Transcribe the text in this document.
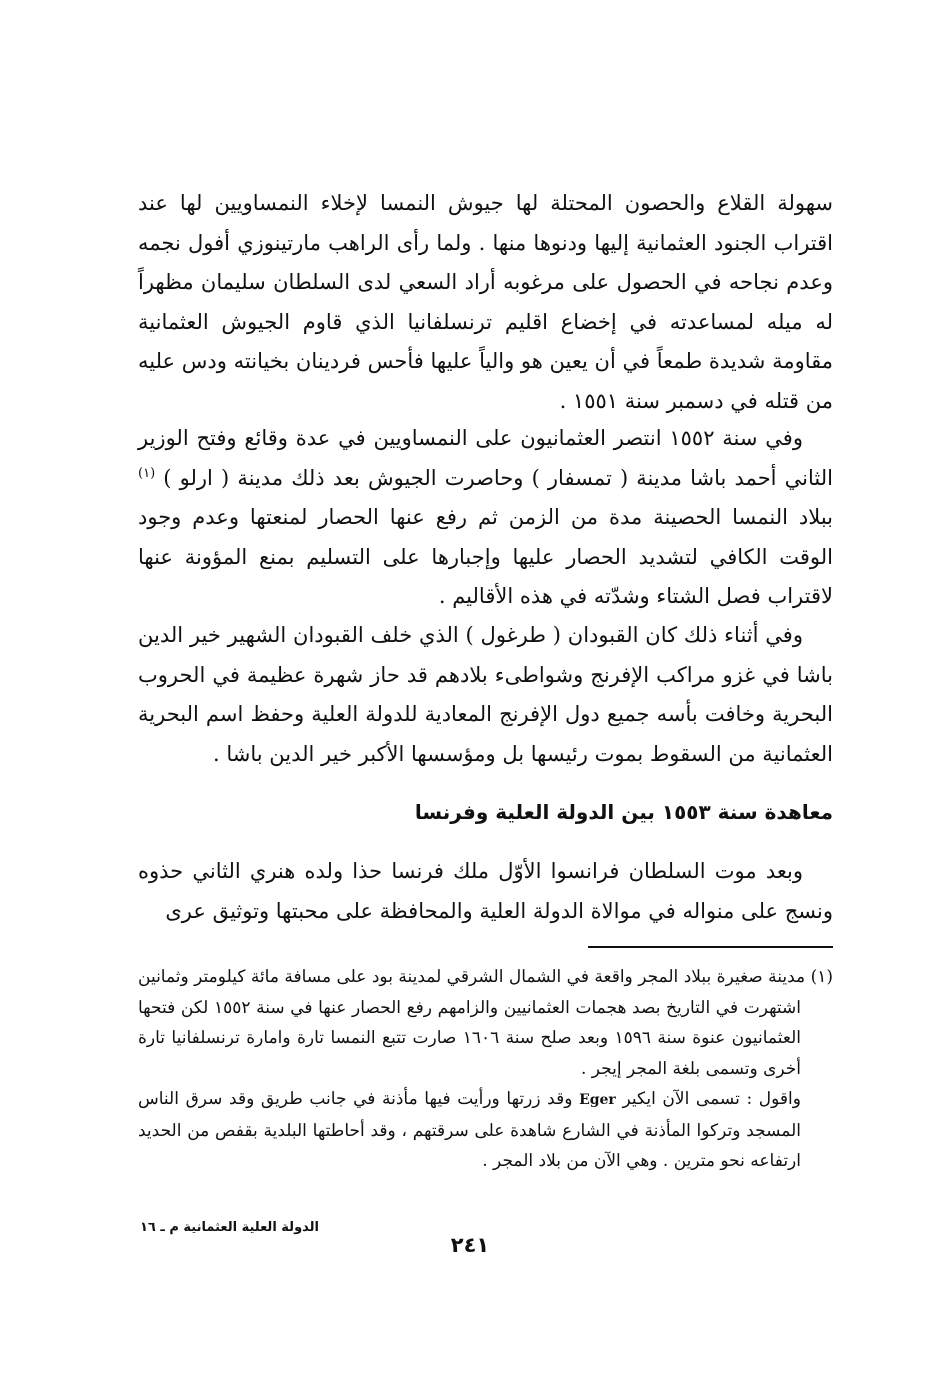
سهولة القلاع والحصون المحتلة لها جيوش النمسا لإخلاء النمساويين لها عند اقتراب الجنود العثمانية إليها ودنوها منها . ولما رأى الراهب مارتينوزي أفول نجمه وعدم نجاحه في الحصول على مرغوبه أراد السعي لدى السلطان سليمان مظهراً له ميله لمساعدته في إخضاع اقليم ترنسلفانيا الذي قاوم الجيوش العثمانية مقاومة شديدة طمعاً في أن يعين هو والياً عليها فأحس فردينان بخيانته ودس عليه من قتله في دسمبر سنة ١٥٥١ .

وفي سنة ١٥٥٢ انتصر العثمانيون على النمساويين في عدة وقائع وفتح الوزير الثاني أحمد باشا مدينة ( تمسفار ) وحاصرت الجيوش بعد ذلك مدينة ( ارلو ) $^{(١)}$ ببلاد النمسا الحصينة مدة من الزمن ثم رفع عنها الحصار لمنعتها وعدم وجود الوقت الكافي لتشديد الحصار عليها وإجبارها على التسليم بمنع المؤونة عنها لاقتراب فصل الشتاء وشدّته في هذه الأقاليم .

وفي أثناء ذلك كان القبودان ( طرغول ) الذي خلف القبودان الشهير خير الدين باشا في غزو مراكب الإفرنج وشواطىء بلادهم قد حاز شهرة عظيمة في الحروب البحرية وخافت بأسه جميع دول الإفرنج المعادية للدولة العلية وحفظ اسم البحرية العثمانية من السقوط بموت رئيسها بل ومؤسسها الأكبر خير الدين باشا .

معاهدة سنة ١٥٥٣ بين الدولة العلية وفرنسا

وبعد موت السلطان فرانسوا الأوّل ملك فرنسا حذا ولده هنري الثاني حذوه ونسج على منواله في موالاة الدولة العلية والمحافظة على محبتها وتوثيق عرى

(١) مدينة صغيرة ببلاد المجر واقعة في الشمال الشرقي لمدينة بود على مسافة مائة كيلومتر وثمانين اشتهرت في التاريخ بصد هجمات العثمانيين والزامهم رفع الحصار عنها في سنة ١٥٥٢ لكن فتحها العثمانيون عنوة سنة ١٥٩٦ وبعد صلح سنة ١٦٠٦ صارت تتبع النمسا تارة وامارة ترنسلفانيا تارة أخرى وتسمى بلغة المجر إيجر .

واقول : تسمى الآن ايكير Eger وقد زرتها ورأيت فيها مأذنة في جانب طريق وقد سرق الناس المسجد وتركوا المأذنة في الشارع شاهدة على سرقتهم ، وقد أحاطتها البلدية بقفص من الحديد ارتفاعه نحو مترين . وهي الآن من بلاد المجر .

الدولة العلية العثمانية م ـ ١٦
٢٤١
